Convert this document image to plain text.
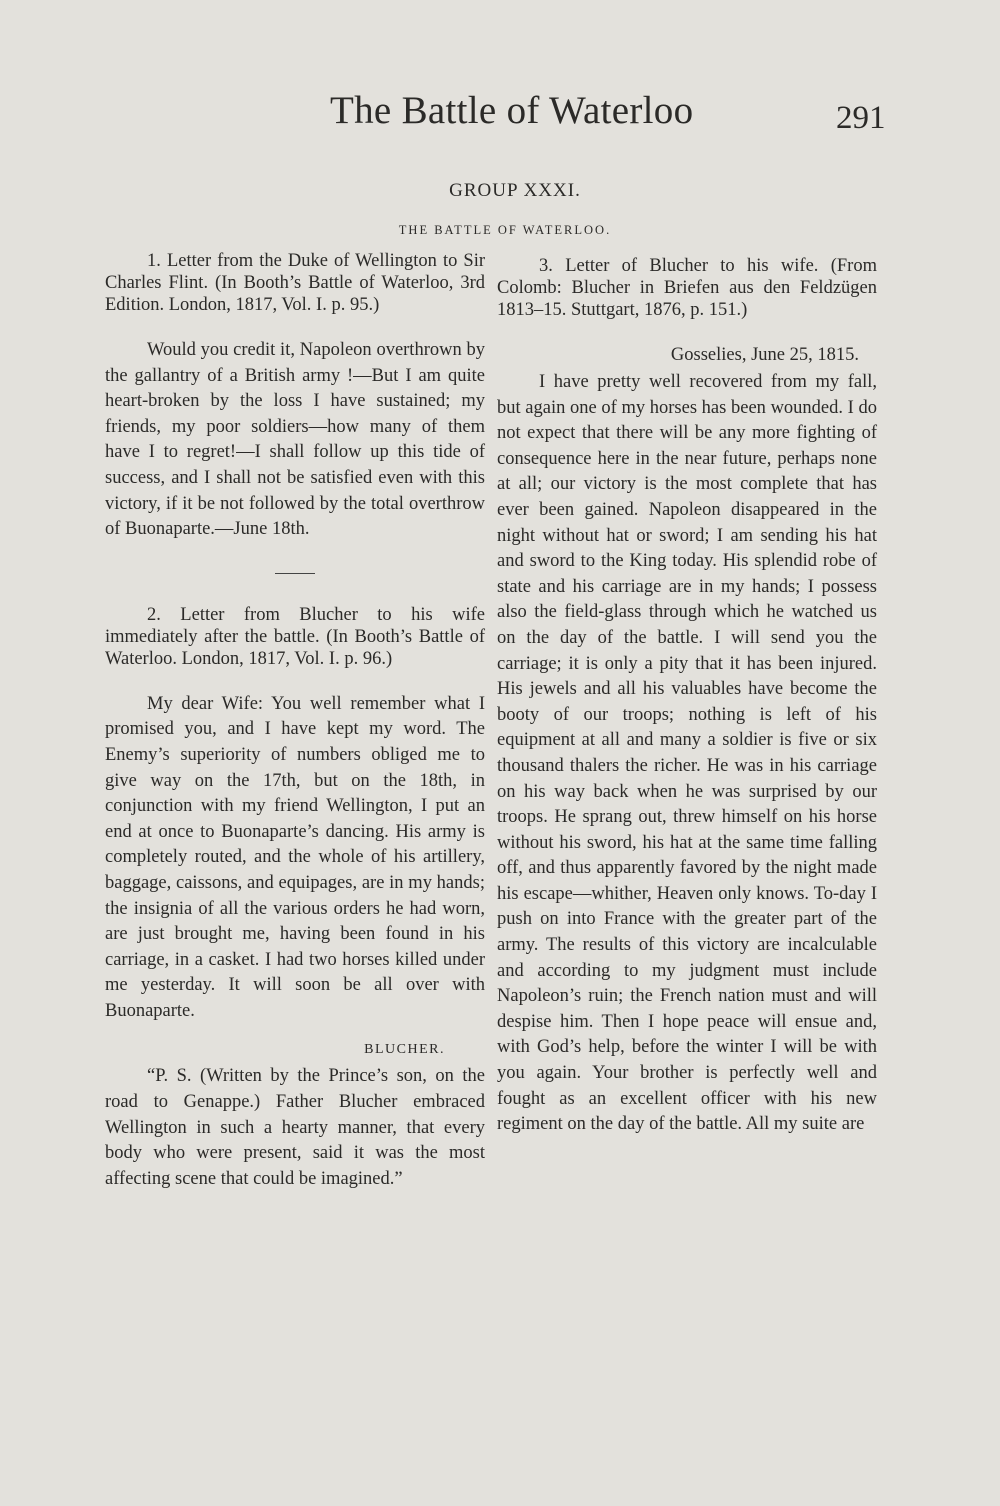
The Battle of Waterloo	291
GROUP XXXI.
THE BATTLE OF WATERLOO.

1. Letter from the Duke of Wellington to Sir Charles Flint. (In Booth’s Battle of Waterloo, 3rd Edition. London, 1817, Vol. I. p. 95.)

Would you credit it, Napoleon overthrown by the gallantry of a British army !—But I am quite heart-broken by the loss I have sustained; my friends, my poor soldiers—how many of them have I to regret!—I shall follow up this tide of success, and I shall not be satisfied even with this victory, if it be not followed by the total overthrow of Buonaparte.—June 18th.

2. Letter from Blucher to his wife immediately after the battle. (In Booth’s Battle of Waterloo. London, 1817, Vol. I. p. 96.)

My dear Wife: You well remember what I promised you, and I have kept my word. The Enemy’s superiority of numbers obliged me to give way on the 17th, but on the 18th, in conjunction with my friend Wellington, I put an end at once to Buonaparte’s dancing. His army is completely routed, and the whole of his artillery, baggage, caissons, and equipages, are in my hands; the insignia of all the various orders he had worn, are just brought me, having been found in his carriage, in a casket. I had two horses killed under me yesterday. It will soon be all over with Buonaparte.

BLUCHER.

“P. S. (Written by the Prince’s son, on the road to Genappe.) Father Blucher embraced Wellington in such a hearty manner, that every body who were present, said it was the most affecting scene that could be imagined.”

3. Letter of Blucher to his wife. (From Colomb: Blucher in Briefen aus den Feldzügen 1813–15. Stuttgart, 1876, p. 151.)

Gosselies, June 25, 1815.

I have pretty well recovered from my fall, but again one of my horses has been wounded. I do not expect that there will be any more fighting of consequence here in the near future, perhaps none at all; our victory is the most complete that has ever been gained. Napoleon disappeared in the night without hat or sword; I am sending his hat and sword to the King today. His splendid robe of state and his carriage are in my hands; I possess also the field-glass through which he watched us on the day of the battle. I will send you the carriage; it is only a pity that it has been injured. His jewels and all his valuables have become the booty of our troops; nothing is left of his equipment at all and many a soldier is five or six thousand thalers the richer. He was in his carriage on his way back when he was surprised by our troops. He sprang out, threw himself on his horse without his sword, his hat at the same time falling off, and thus apparently favored by the night made his escape—whither, Heaven only knows. To-day I push on into France with the greater part of the army. The results of this victory are incalculable and according to my judgment must include Napoleon’s ruin; the French nation must and will despise him. Then I hope peace will ensue and, with God’s help, before the winter I will be with you again. Your brother is perfectly well and fought as an excellent officer with his new regiment on the day of the battle. All my suite are
